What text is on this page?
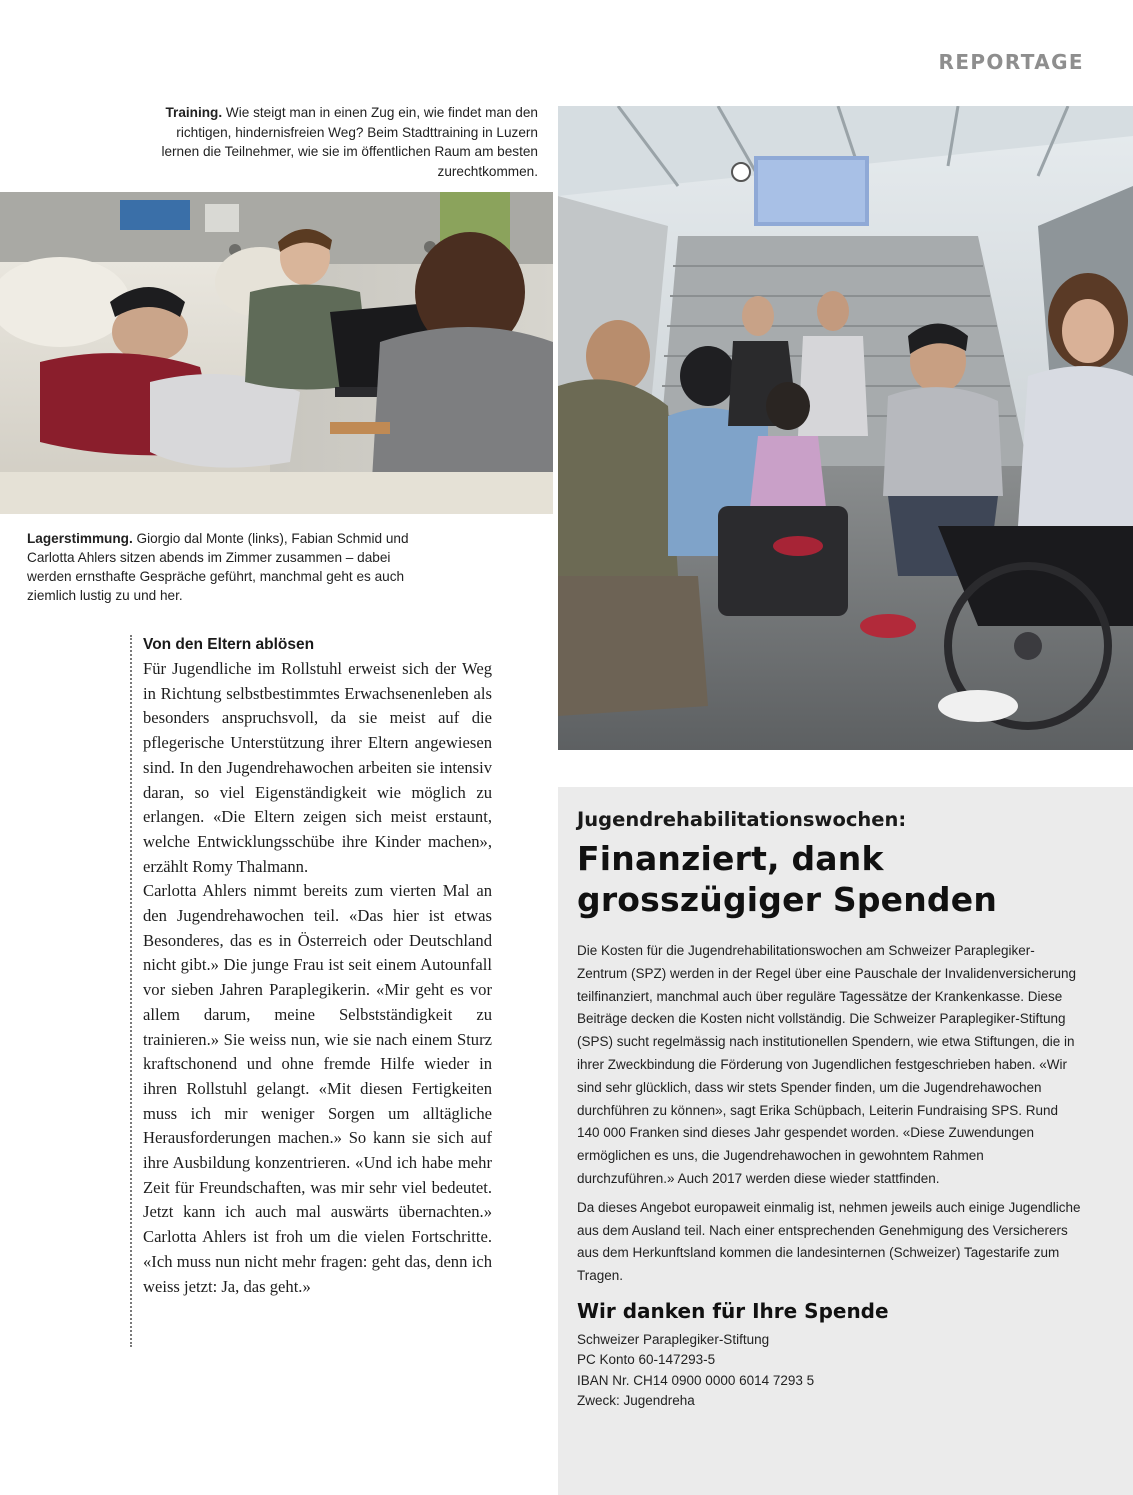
REPORTAGE
Training. Wie steigt man in einen Zug ein, wie findet man den richtigen, hindernisfreien Weg? Beim Stadttraining in Luzern lernen die Teilnehmer, wie sie im öffentlichen Raum am besten zurechtkommen.
Lagerstimmung. Giorgio dal Monte (links), Fabian Schmid und Carlotta Ahlers sitzen abends im Zimmer zusammen – dabei werden ernsthafte Gespräche geführt, manchmal geht es auch ziemlich lustig zu und her.
Von den Eltern ablösen

Für Jugendliche im Rollstuhl erweist sich der Weg in Richtung selbstbestimmtes Erwachsenenleben als besonders anspruchsvoll, da sie meist auf die pflegerische Unterstützung ihrer Eltern angewiesen sind. In den Jugendrehawochen arbeiten sie intensiv daran, so viel Eigenständigkeit wie möglich zu erlangen. «Die Eltern zeigen sich meist erstaunt, welche Entwicklungsschübe ihre Kinder machen», erzählt Romy Thalmann.

Carlotta Ahlers nimmt bereits zum vierten Mal an den Jugendrehawochen teil. «Das hier ist etwas Besonderes, das es in Österreich oder Deutschland nicht gibt.» Die junge Frau ist seit einem Autounfall vor sieben Jahren Paraplegikerin. «Mir geht es vor allem darum, meine Selbstständigkeit zu trainieren.» Sie weiss nun, wie sie nach einem Sturz kraftschonend und ohne fremde Hilfe wieder in ihren Rollstuhl gelangt. «Mit diesen Fertigkeiten muss ich mir weniger Sorgen um alltägliche Herausforderungen machen.» So kann sie sich auf ihre Ausbildung konzentrieren. «Und ich habe mehr Zeit für Freundschaften, was mir sehr viel bedeutet. Jetzt kann ich auch mal auswärts übernachten.» Carlotta Ahlers ist froh um die vielen Fortschritte. «Ich muss nun nicht mehr fragen: geht das, denn ich weiss jetzt: Ja, das geht.»

Jugendrehabilitationswochen:
Finanziert, dank
grosszügiger Spenden

Die Kosten für die Jugendrehabilitationswochen am Schweizer Paraplegiker-Zentrum (SPZ) werden in der Regel über eine Pauschale der Invalidenversicherung teilfinanziert, manchmal auch über reguläre Tagessätze der Krankenkasse. Diese Beiträge decken die Kosten nicht vollständig. Die Schweizer Paraplegiker-Stiftung (SPS) sucht regelmässig nach institutionellen Spendern, wie etwa Stiftungen, die in ihrer Zweckbindung die Förderung von Jugendlichen festgeschrieben haben. «Wir sind sehr glücklich, dass wir stets Spender finden, um die Jugendrehawochen durchführen zu können», sagt Erika Schüpbach, Leiterin Fundraising SPS. Rund 140 000 Franken sind dieses Jahr gespendet worden. «Diese Zuwendungen ermöglichen es uns, die Jugendrehawochen in gewohntem Rahmen durchzuführen.» Auch 2017 werden diese wieder stattfinden.

Da dieses Angebot europaweit einmalig ist, nehmen jeweils auch einige Jugendliche aus dem Ausland teil. Nach einer entsprechenden Genehmigung des Versicherers aus dem Herkunftsland kommen die landesinternen (Schweizer) Tagestarife zum Tragen.

Wir danken für Ihre Spende
Schweizer Paraplegiker-Stiftung
PC Konto 60-147293-5
IBAN Nr. CH14 0900 0000 6014 7293 5
Zweck: Jugendreha
